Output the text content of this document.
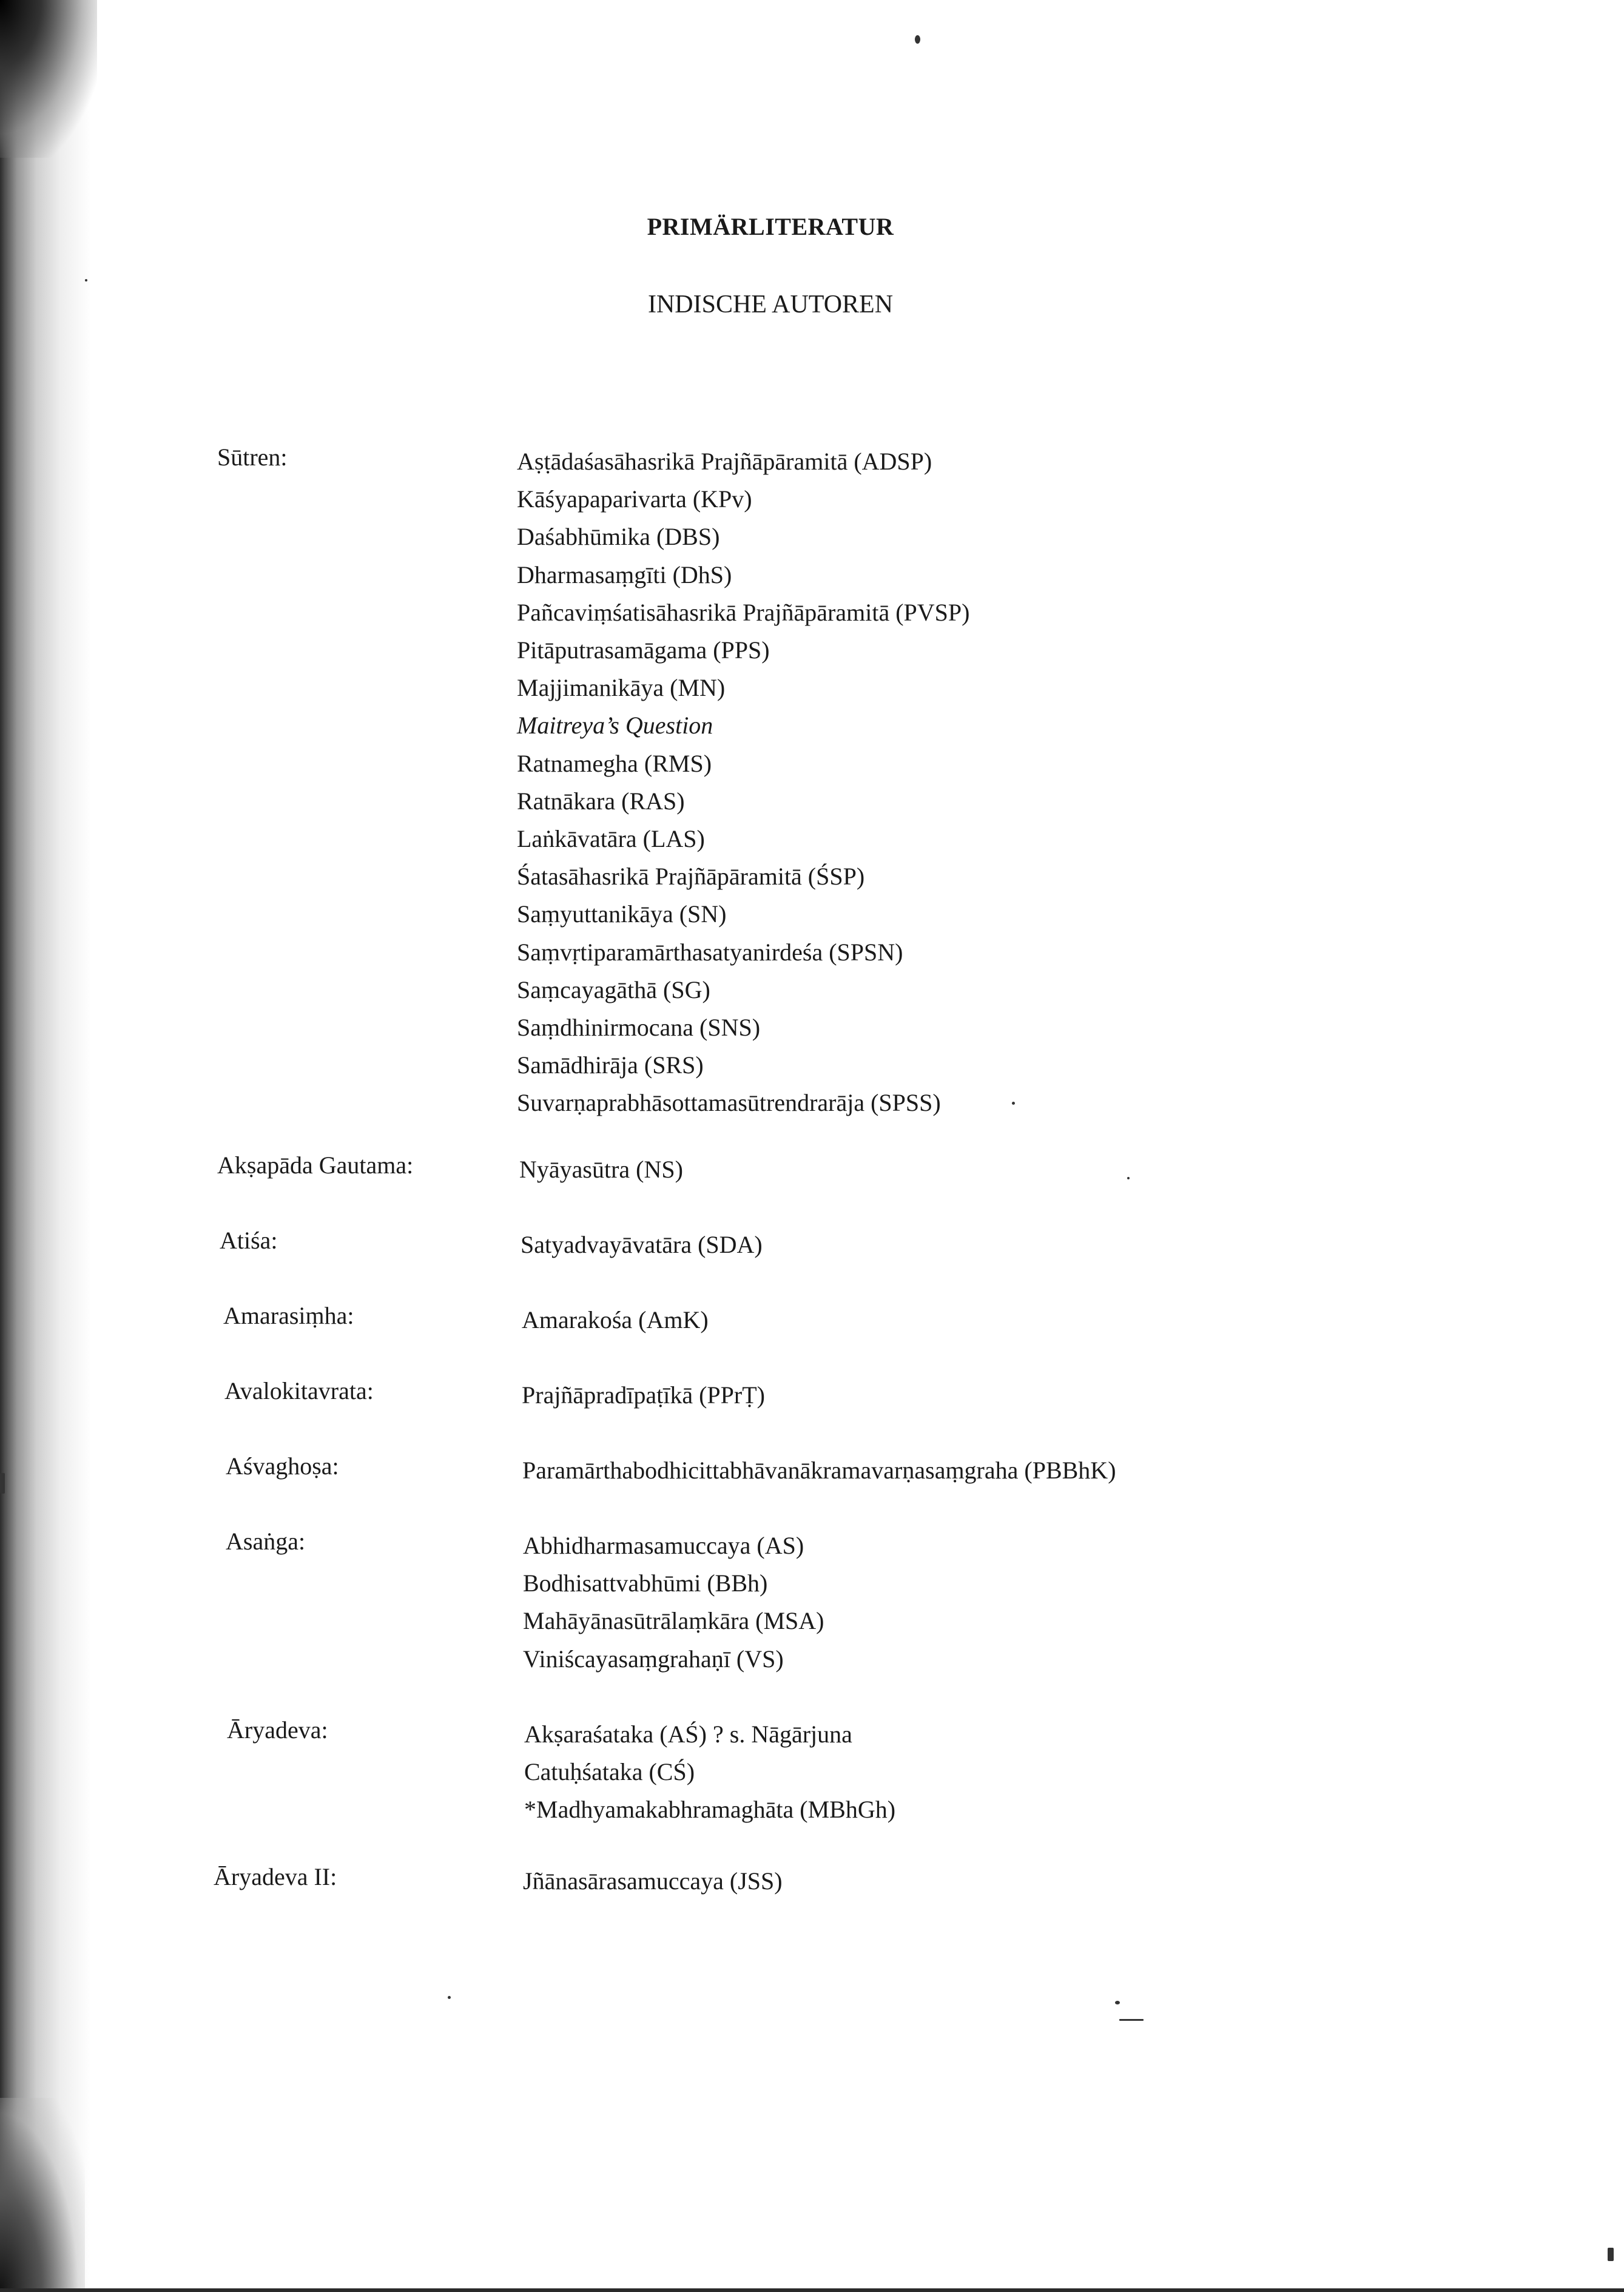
PRIMÄRLITERATUR
INDISCHE AUTOREN
Sūtren:	Aṣṭādaśasāhasrikā Prajñāpāramitā (ADSP)
Kāśyapaparivarta (KPv)
Daśabhūmika (DBS)
Dharmasaṃgīti (DhS)
Pañcaviṃśatisāhasrikā Prajñāpāramitā (PVSP)
Pitāputrasamāgama (PPS)
Majjimanikāya (MN)
Maitreya’s Question
Ratnamegha (RMS)
Ratnākara (RAS)
Laṅkāvatāra (LAS)
Śatasāhasrikā Prajñāpāramitā (ŚSP)
Saṃyuttanikāya (SN)
Saṃvṛtiparamārthasatyanirdeśa (SPSN)
Saṃcayagāthā (SG)
Saṃdhinirmocana (SNS)
Samādhirāja (SRS)
Suvarṇaprabhāsottamasūtrendrarāja (SPSS)
Akṣapāda Gautama:	Nyāyasūtra (NS)
Atiśa:	Satyadvayāvatāra (SDA)
Amarasiṃha:	Amarakośa (AmK)
Avalokitavrata:	Prajñāpradīpaṭīkā (PPrṬ)
Aśvaghoṣa:	Paramārthabodhicittabhāvanākramavarṇasaṃgraha (PBBhK)
Asaṅga:	Abhidharmasamuccaya (AS)
Bodhisattvabhūmi (BBh)
Mahāyānasūtrālaṃkāra (MSA)
Viniścayasaṃgrahaṇī (VS)
Āryadeva:	Akṣaraśataka (AŚ) ? s. Nāgārjuna
Catuḥśataka (CŚ)
*Madhyamakabhramaghāta (MBhGh)
Āryadeva II:	Jñānasārasamuccaya (JSS)
